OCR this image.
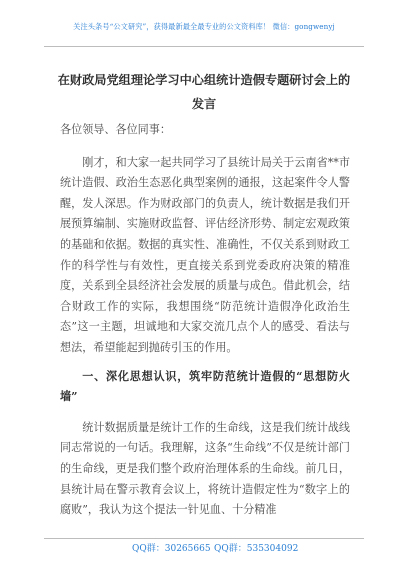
关注头条号“公文研究”，获得最新最全最专业的公文资料库！ 微信：gongwenyj
在财政局党组理论学习中心组统计造假专题研讨会上的发言

各位领导、各位同事：

刚才，和大家一起共同学习了县统计局关于云南省**市统计造假、政治生态恶化典型案例的通报，这起案件令人警醒，发人深思。作为财政部门的负责人，统计数据是我们开展预算编制、实施财政监督、评估经济形势、制定宏观政策的基础和依据。数据的真实性、准确性，不仅关系到财政工作的科学性与有效性，更直接关系到党委政府决策的精准度，关系到全县经济社会发展的质量与成色。借此机会，结合财政工作的实际，我想围绕“防范统计造假净化政治生态”这一主题，坦诚地和大家交流几点个人的感受、看法与想法，希望能起到抛砖引玉的作用。

一、深化思想认识，筑牢防范统计造假的“思想防火墙”

统计数据质量是统计工作的生命线，这是我们统计战线同志常说的一句话。我理解，这条“生命线”不仅是统计部门的生命线，更是我们整个政府治理体系的生命线。前几日，县统计局在警示教育会议上，将统计造假定性为“数字上的腐败”，我认为这个提法一针见血、十分精准

QQ群：30265665 QQ群：535304092
